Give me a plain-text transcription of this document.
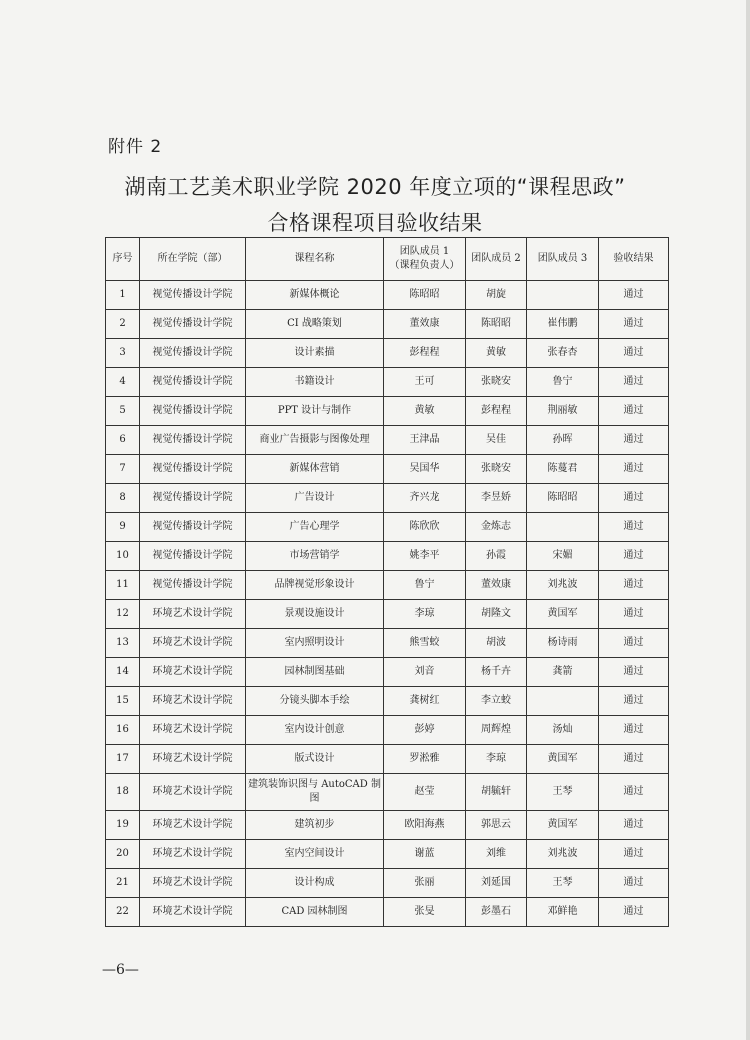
附件 2
湖南工艺美术职业学院 2020 年度立项的“课程思政”
合格课程项目验收结果
序号	所在学院（部）	课程名称	团队成员 1
（课程负责人）	团队成员 2	团队成员 3	验收结果
1	视觉传播设计学院	新媒体概论	陈昭昭	胡旋		通过
2	视觉传播设计学院	CI 战略策划	董效康	陈昭昭	崔伟鹏	通过
3	视觉传播设计学院	设计素描	彭程程	黄敏	张春杏	通过
4	视觉传播设计学院	书籍设计	王可	张晓安	鲁宁	通过
5	视觉传播设计学院	PPT 设计与制作	黄敏	彭程程	荆丽敏	通过
6	视觉传播设计学院	商业广告摄影与图像处理	王津晶	吴佳	孙晖	通过
7	视觉传播设计学院	新媒体营销	吴国华	张晓安	陈蔓君	通过
8	视觉传播设计学院	广告设计	齐兴龙	李昱娇	陈昭昭	通过
9	视觉传播设计学院	广告心理学	陈欣欣	金炼志		通过
10	视觉传播设计学院	市场营销学	姚李平	孙霞	宋媚	通过
11	视觉传播设计学院	品牌视觉形象设计	鲁宁	董效康	刘兆波	通过
12	环境艺术设计学院	景观设施设计	李琼	胡隆文	黄国军	通过
13	环境艺术设计学院	室内照明设计	熊雪蛟	胡波	杨诗雨	通过
14	环境艺术设计学院	园林制图基础	刘音	杨千卉	龚箭	通过
15	环境艺术设计学院	分镜头脚本手绘	龚树红	李立蛟		通过
16	环境艺术设计学院	室内设计创意	彭婷	周辉煌	汤灿	通过
17	环境艺术设计学院	版式设计	罗淞雅	李琼	黄国军	通过
18	环境艺术设计学院	建筑装饰识图与 AutoCAD 制图	赵莹	胡毓轩	王琴	通过
19	环境艺术设计学院	建筑初步	欧阳海燕	郭思云	黄国军	通过
20	环境艺术设计学院	室内空间设计	谢蓝	刘维	刘兆波	通过
21	环境艺术设计学院	设计构成	张丽	刘延国	王琴	通过
22	环境艺术设计学院	CAD 园林制图	张旻	彭墨石	邓鲜艳	通过
—6—
